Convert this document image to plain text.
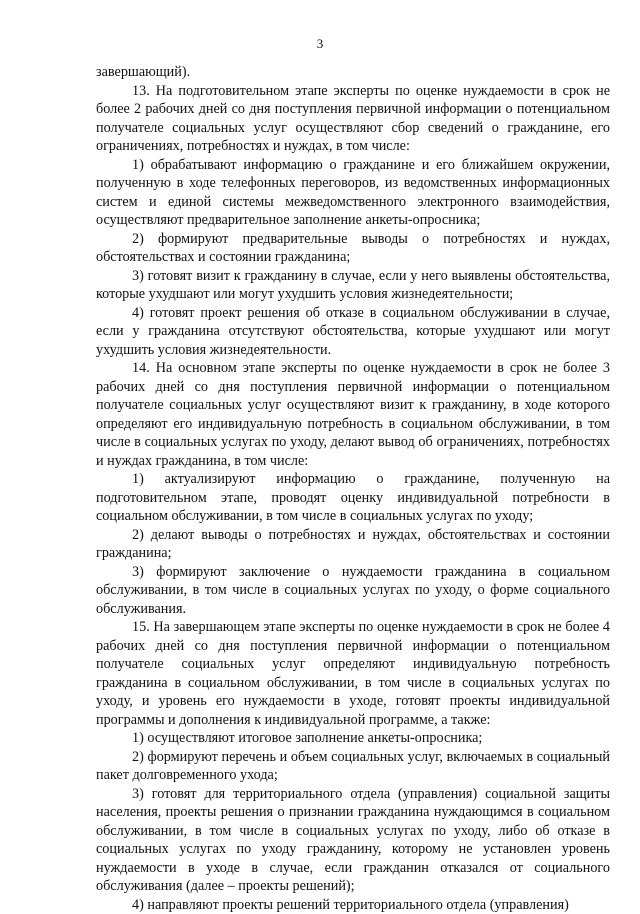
3

завершающий).

13. На подготовительном этапе эксперты по оценке нуждаемости в срок не более 2 рабочих дней со дня поступления первичной информации о потенциальном получателе социальных услуг осуществляют сбор сведений о гражданине, его ограничениях, потребностях и нуждах, в том числе:

1) обрабатывают информацию о гражданине и его ближайшем окружении, полученную в ходе телефонных переговоров, из ведомственных информационных систем и единой системы межведомственного электронного взаимодействия, осуществляют предварительное заполнение анкеты-опросника;

2) формируют предварительные выводы о потребностях и нуждах, обстоятельствах и состоянии гражданина;

3) готовят визит к гражданину в случае, если у него выявлены обстоятельства, которые ухудшают или могут ухудшить условия жизнедеятельности;

4) готовят проект решения об отказе в социальном обслуживании в случае, если у гражданина отсутствуют обстоятельства, которые ухудшают или могут ухудшить условия жизнедеятельности.

14. На основном этапе эксперты по оценке нуждаемости в срок не более 3 рабочих дней со дня поступления первичной информации о потенциальном получателе социальных услуг осуществляют визит к гражданину, в ходе которого определяют его индивидуальную потребность в социальном обслуживании, в том числе в социальных услугах по уходу, делают вывод об ограничениях, потребностях и нуждах гражданина, в том числе:

1) актуализируют информацию о гражданине, полученную на подготовительном этапе, проводят оценку индивидуальной потребности в социальном обслуживании, в том числе в социальных услугах по уходу;

2) делают выводы о потребностях и нуждах, обстоятельствах и состоянии гражданина;

3) формируют заключение о нуждаемости гражданина в социальном обслуживании, в том числе в социальных услугах по уходу, о форме социального обслуживания.

15. На завершающем этапе эксперты по оценке нуждаемости в срок не более 4 рабочих дней со дня поступления первичной информации о потенциальном получателе социальных услуг определяют индивидуальную потребность гражданина в социальном обслуживании, в том числе в социальных услугах по уходу, и уровень его нуждаемости в уходе, готовят проекты индивидуальной программы и дополнения к индивидуальной программе, а также:

1) осуществляют итоговое заполнение анкеты-опросника;

2) формируют перечень и объем социальных услуг, включаемых в социальный пакет долговременного ухода;

3) готовят для территориального отдела (управления) социальной защиты населения, проекты решения о признании гражданина нуждающимся в социальном обслуживании, в том числе в социальных услугах по уходу, либо об отказе в социальных услугах по уходу гражданину, которому не установлен уровень нуждаемости в уходе в случае, если гражданин отказался от социального обслуживания (далее – проекты решений);

4) направляют проекты решений территориального отдела (управления)
